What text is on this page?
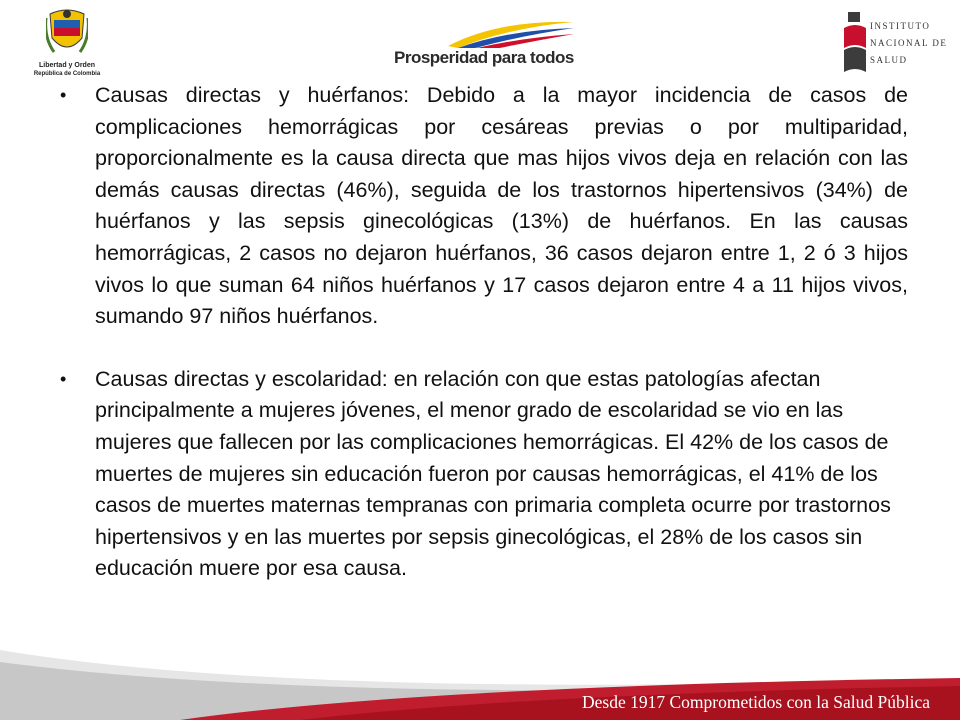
Libertad y Orden
República de Colombia
Prosperidad para todos
INSTITUTO
NACIONAL DE
SALUD
• Causas directas y huérfanos: Debido a la mayor incidencia de casos de complicaciones hemorrágicas por cesáreas previas o por multiparidad, proporcionalmente es la causa directa que mas hijos vivos deja en relación con las demás causas directas (46%), seguida de los trastornos hipertensivos (34%) de huérfanos y las sepsis ginecológicas (13%) de huérfanos. En las causas hemorrágicas, 2 casos no dejaron huérfanos, 36 casos dejaron entre 1, 2 ó 3 hijos vivos lo que suman 64 niños huérfanos y 17 casos dejaron entre 4 a 11 hijos vivos, sumando 97 niños huérfanos.

• Causas directas y escolaridad: en relación con que estas patologías afectan principalmente a mujeres jóvenes, el menor grado de escolaridad se vio en las mujeres que fallecen por las complicaciones hemorrágicas. El 42% de los casos de muertes de mujeres sin educación fueron por causas hemorrágicas, el 41% de los casos de muertes maternas tempranas con primaria completa ocurre por trastornos hipertensivos y en las muertes por sepsis ginecológicas, el 28% de los casos sin educación muere por esa causa.

Desde 1917 Comprometidos con la Salud Pública
